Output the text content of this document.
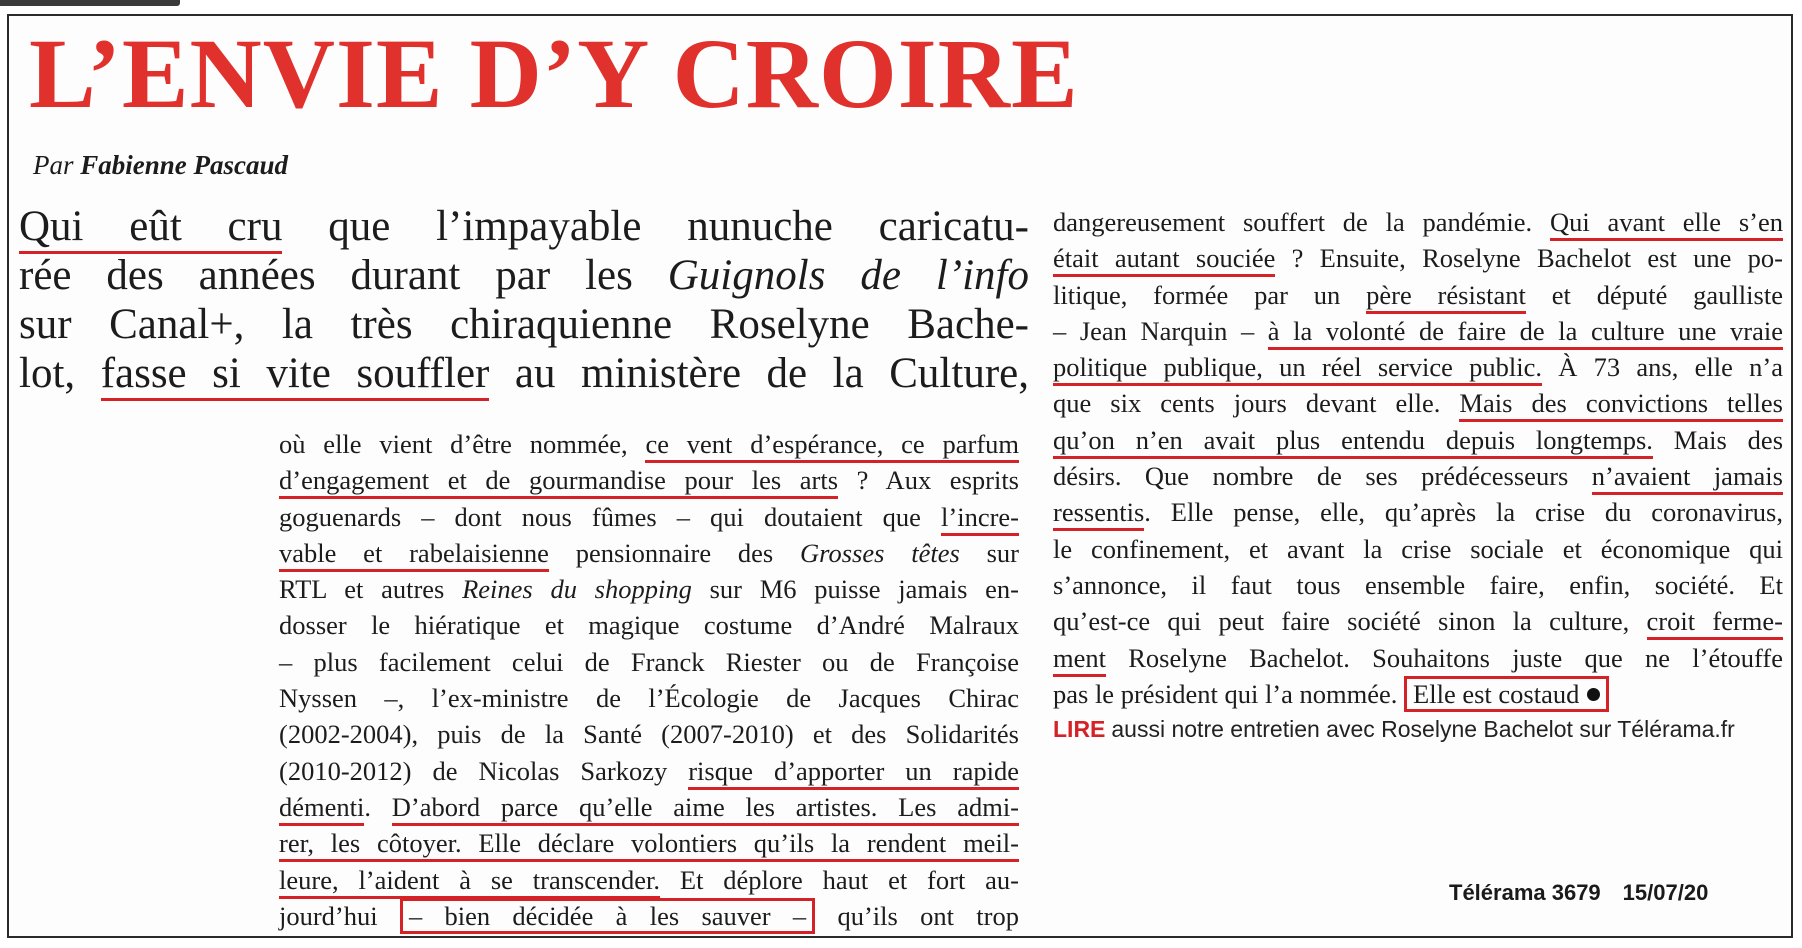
L’ENVIE D’Y CROIRE
Par Fabienne Pascaud
Qui eût cru que l’impayable nunuche caricatu-
rée des années durant par les Guignols de l’info
sur Canal+, la très chiraquienne Roselyne Bache-
lot, fasse si vite souffler au ministère de la Culture,
où elle vient d’être nommée, ce vent d’espérance, ce parfum
d’engagement et de gourmandise pour les arts ? Aux esprits
goguenards – dont nous fûmes – qui doutaient que l’incre-
vable et rabelaisienne pensionnaire des Grosses têtes sur
RTL et autres Reines du shopping sur M6 puisse jamais en-
dosser le hiératique et magique costume d’André Malraux
– plus facilement celui de Franck Riester ou de Françoise
Nyssen –, l’ex-ministre de l’Écologie de Jacques Chirac
(2002-2004), puis de la Santé (2007-2010) et des Solidarités
(2010-2012) de Nicolas Sarkozy risque d’apporter un rapide
démenti. D’abord parce qu’elle aime les artistes. Les admi-
rer, les côtoyer. Elle déclare volontiers qu’ils la rendent meil-
leure, l’aident à se transcender. Et déplore haut et fort au-
jourd’hui – bien décidée à les sauver – qu’ils ont trop
dangereusement souffert de la pandémie. Qui avant elle s’en
était autant souciée ? Ensuite, Roselyne Bachelot est une po-
litique, formée par un père résistant et député gaulliste
– Jean Narquin – à la volonté de faire de la culture une vraie
politique publique, un réel service public. À 73 ans, elle n’a
que six cents jours devant elle. Mais des convictions telles
qu’on n’en avait plus entendu depuis longtemps. Mais des
désirs. Que nombre de ses prédécesseurs n’avaient jamais
ressentis. Elle pense, elle, qu’après la crise du coronavirus,
le confinement, et avant la crise sociale et économique qui
s’annonce, il faut tous ensemble faire, enfin, société. Et
qu’est-ce qui peut faire société sinon la culture, croit ferme-
ment Roselyne Bachelot. Souhaitons juste que ne l’étouffe
pas le président qui l’a nommée. Elle est costaud
LIRE aussi notre entretien avec Roselyne Bachelot sur Télérama.fr
Télérama 3679 15/07/20
